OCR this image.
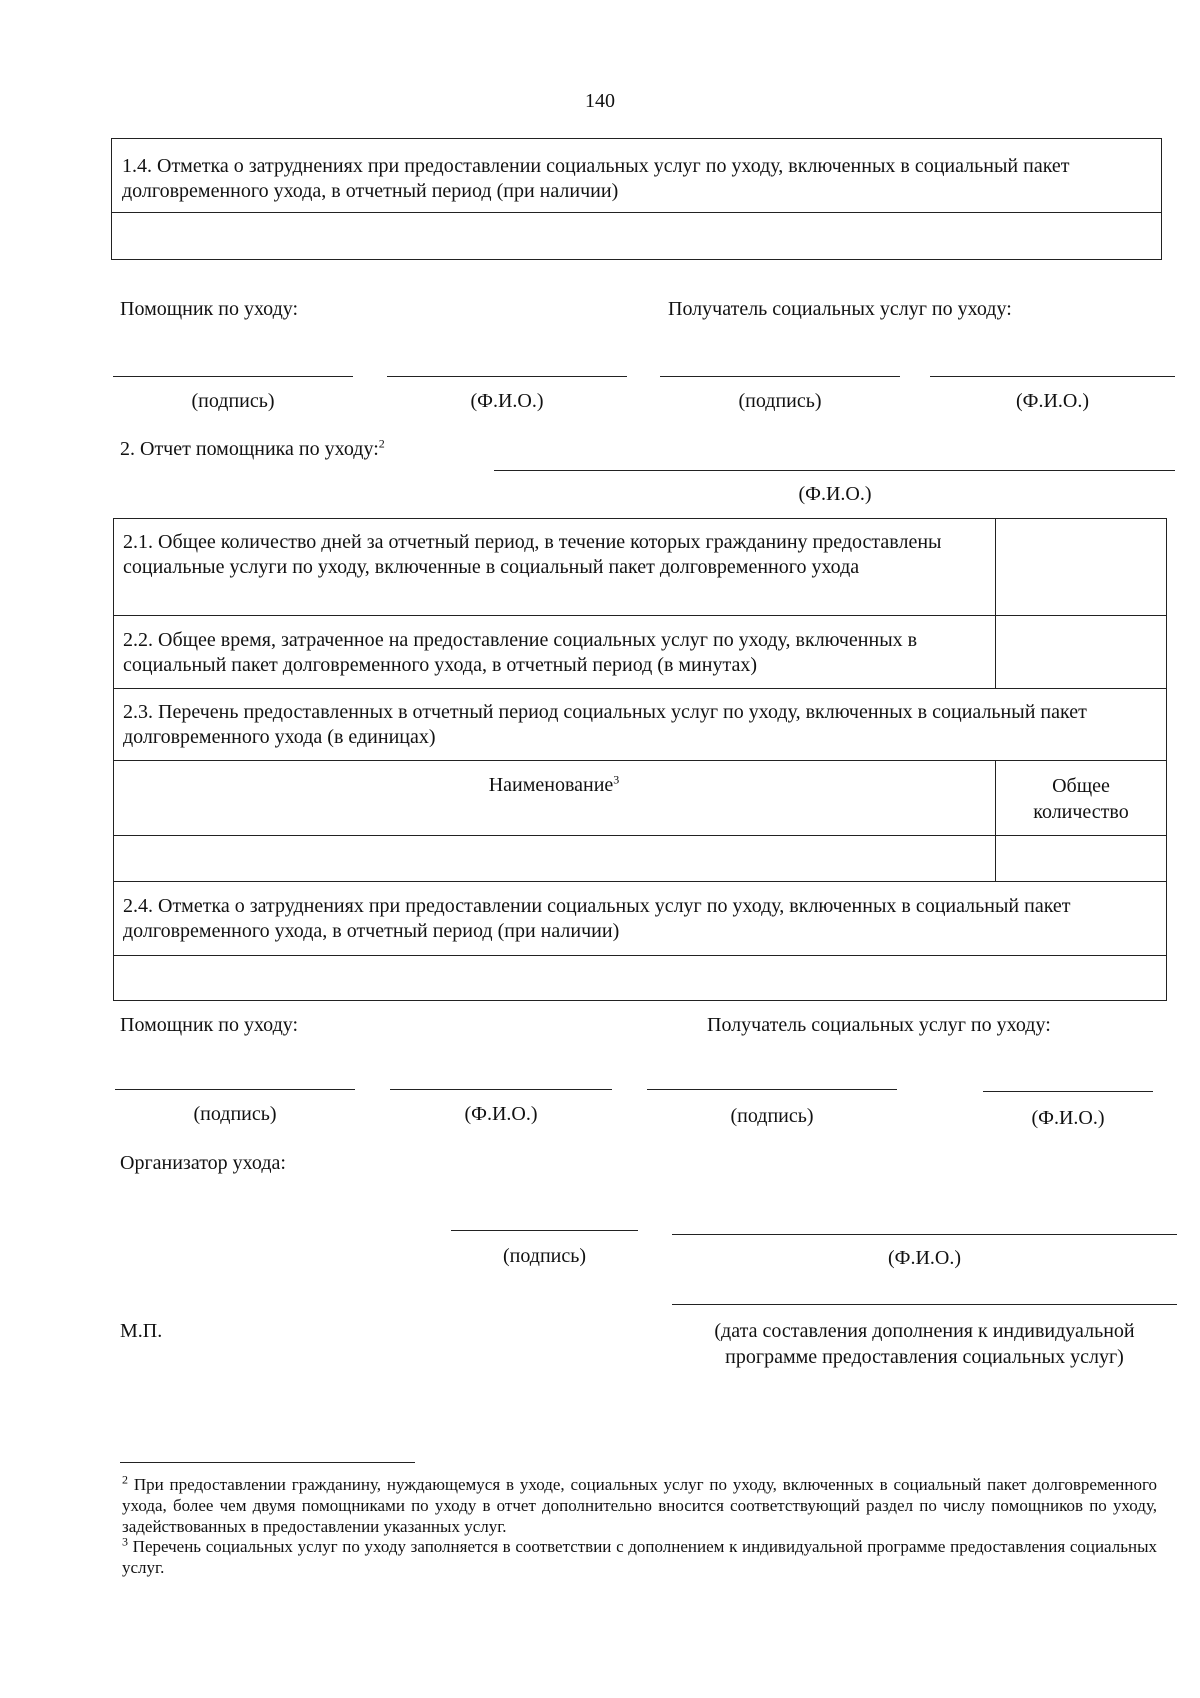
140
1.4. Отметка о затруднениях при предоставлении социальных услуг по уходу, включенных в социальный пакет долговременного ухода, в отчетный период (при наличии)
Помощник по уходу:	Получатель социальных услуг по уходу:
(подпись)	(Ф.И.О.)	(подпись)	(Ф.И.О.)
2. Отчет помощника по уходу:$^2$
(Ф.И.О.)
2.1. Общее количество дней за отчетный период, в течение которых гражданину предоставлены социальные услуги по уходу, включенные в социальный пакет долговременного ухода
2.2. Общее время, затраченное на предоставление социальных услуг по уходу, включенных в социальный пакет долговременного ухода, в отчетный период (в минутах)
2.3. Перечень предоставленных в отчетный период социальных услуг по уходу, включенных в социальный пакет долговременного ухода (в единицах)
Наименование$^3$	Общее количество
2.4. Отметка о затруднениях при предоставлении социальных услуг по уходу, включенных в социальный пакет долговременного ухода, в отчетный период (при наличии)
Помощник по уходу:	Получатель социальных услуг по уходу:
(подпись)	(Ф.И.О.)	(подпись)	(Ф.И.О.)
Организатор ухода:
(подпись)	(Ф.И.О.)
М.П.	(дата составления дополнения к индивидуальной программе предоставления социальных услуг)
$^2$ При предоставлении гражданину, нуждающемуся в уходе, социальных услуг по уходу, включенных в социальный пакет долговременного ухода, более чем двумя помощниками по уходу в отчет дополнительно вносится соответствующий раздел по числу помощников по уходу, задействованных в предоставлении указанных услуг.
$^3$ Перечень социальных услуг по уходу заполняется в соответствии с дополнением к индивидуальной программе предоставления социальных услуг.
